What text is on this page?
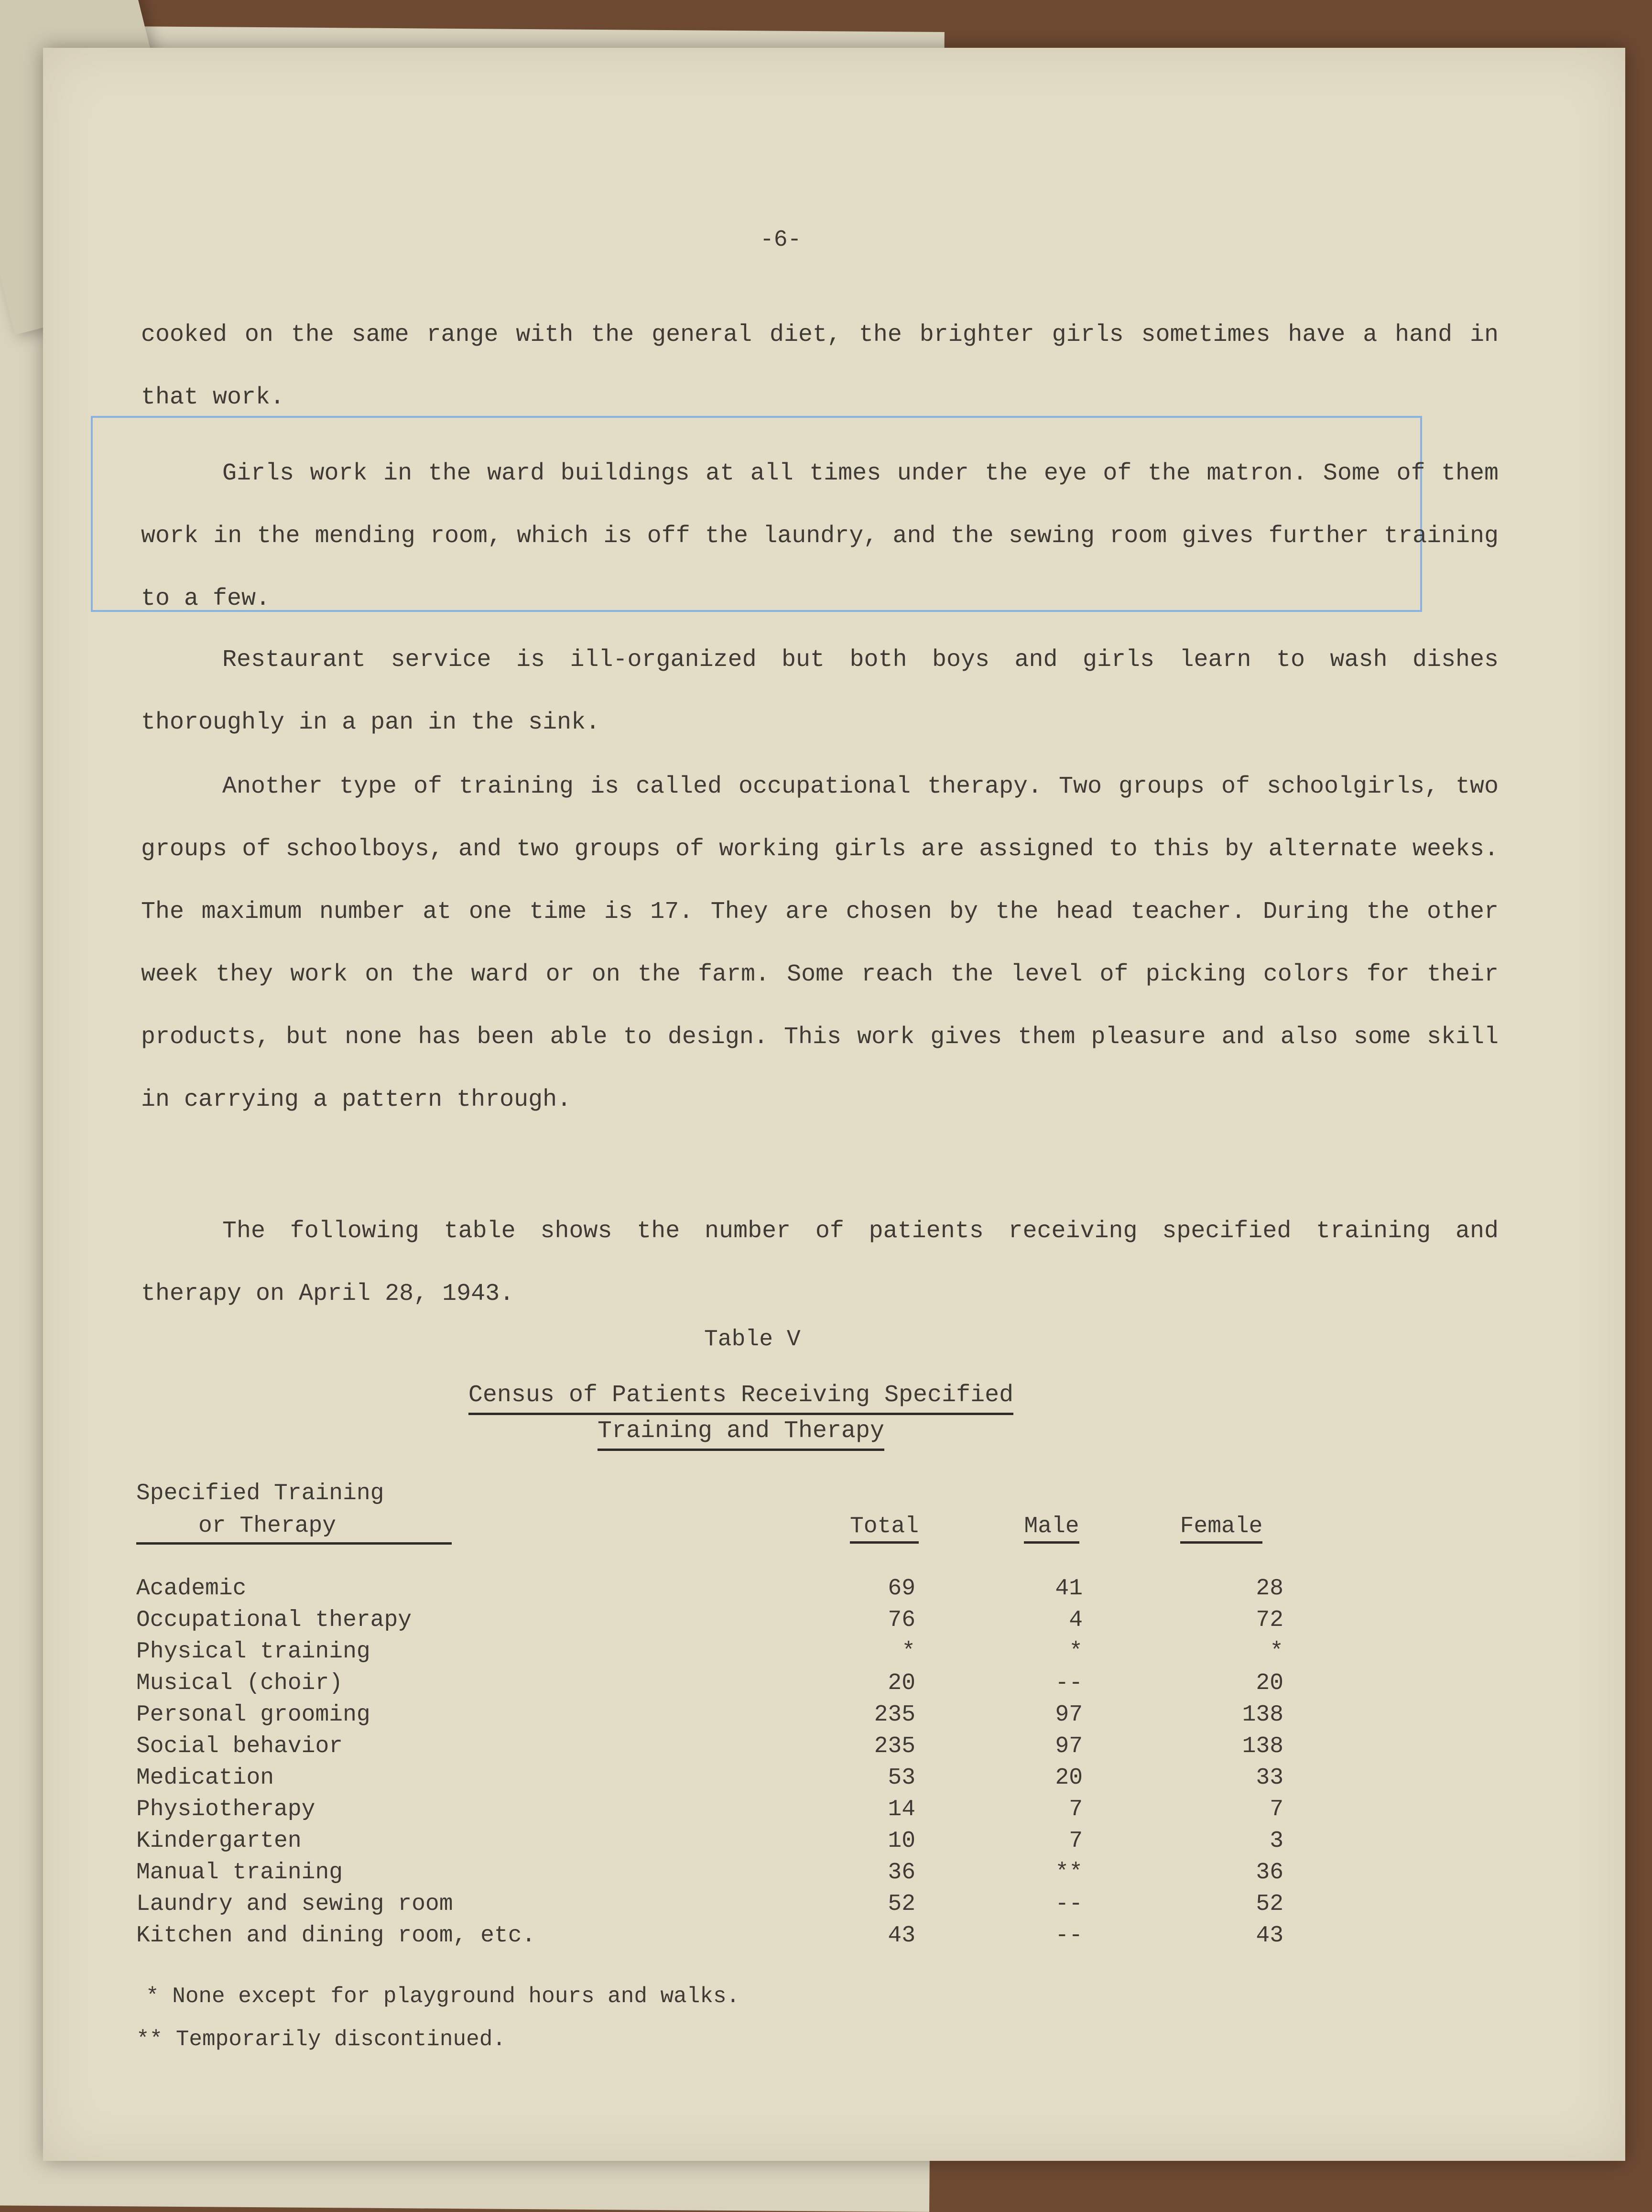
-6-
cooked on the same range with the general diet, the brighter girls sometimes have a hand in that work.
Girls work in the ward buildings at all times under the eye of the matron. Some of them work in the mending room, which is off the laundry, and the sewing room gives further training to a few.
Restaurant service is ill-organized but both boys and girls learn to wash dishes thoroughly in a pan in the sink.
Another type of training is called occupational therapy. Two groups of schoolgirls, two groups of schoolboys, and two groups of working girls are assigned to this by alternate weeks. The maximum number at one time is 17. They are chosen by the head teacher. During the other week they work on the ward or on the farm. Some reach the level of picking colors for their products, but none has been able to design. This work gives them pleasure and also some skill in carrying a pattern through.
The following table shows the number of patients receiving specified training and therapy on April 28, 1943.
Table V
Census of Patients Receiving Specified
Training and Therapy
Specified Training
or Therapy	Total	Male	Female
Academic	69	41	28
Occupational therapy	76	4	72
Physical training	*	*	*
Musical (choir)	20	--	20
Personal grooming	235	97	138
Social behavior	235	97	138
Medication	53	20	33
Physiotherapy	14	7	7
Kindergarten	10	7	3
Manual training	36	**	36
Laundry and sewing room	52	--	52
Kitchen and dining room, etc.	43	--	43
* None except for playground hours and walks.
** Temporarily discontinued.
